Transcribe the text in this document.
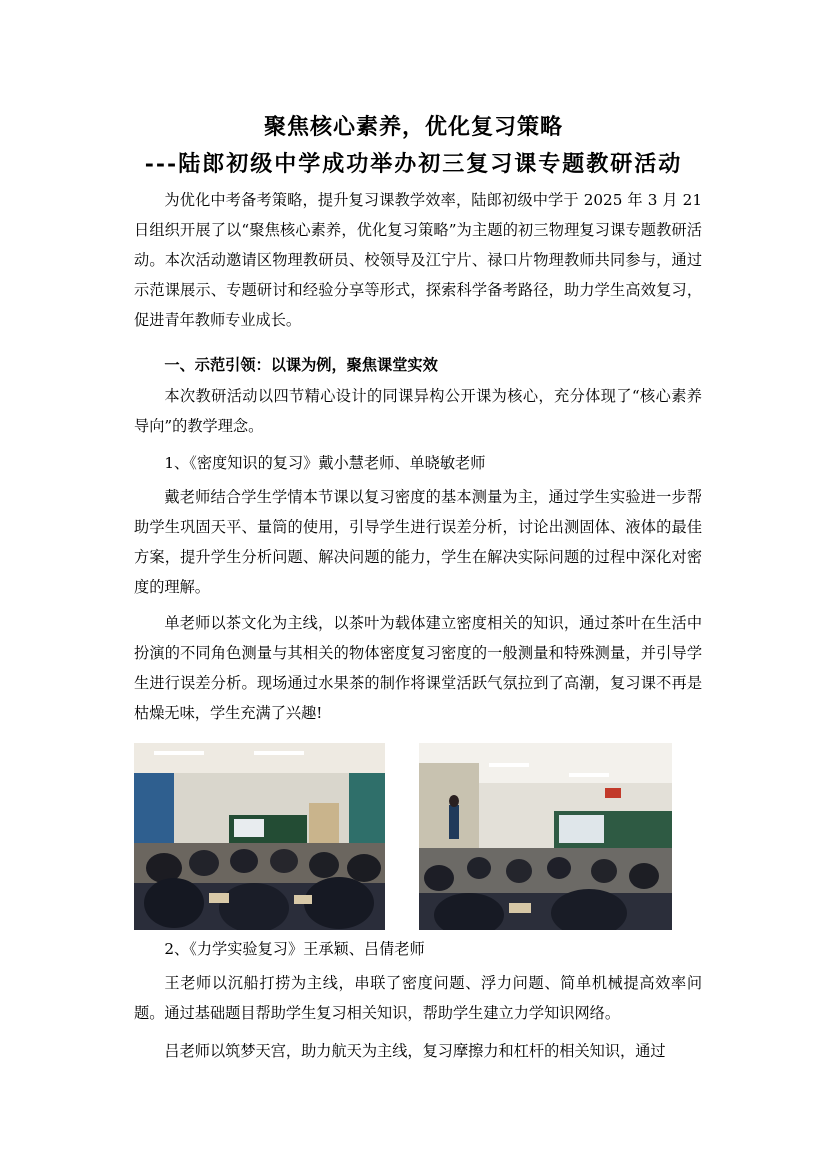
聚焦核心素养，优化复习策略
---陆郎初级中学成功举办初三复习课专题教研活动

为优化中考备考策略，提升复习课教学效率，陆郎初级中学于 2025 年 3 月 21 日组织开展了以“聚焦核心素养，优化复习策略”为主题的初三物理复习课专题教研活动。本次活动邀请区物理教研员、校领导及江宁片、禄口片物理教师共同参与，通过示范课展示、专题研讨和经验分享等形式，探索科学备考路径，助力学生高效复习，促进青年教师专业成长。

一、示范引领：以课为例，聚焦课堂实效

本次教研活动以四节精心设计的同课异构公开课为核心，充分体现了“核心素养导向”的教学理念。

1、《密度知识的复习》戴小慧老师、单晓敏老师

戴老师结合学生学情本节课以复习密度的基本测量为主，通过学生实验进一步帮助学生巩固天平、量筒的使用，引导学生进行误差分析，讨论出测固体、液体的最佳方案，提升学生分析问题、解决问题的能力，学生在解决实际问题的过程中深化对密度的理解。

单老师以茶文化为主线，以茶叶为载体建立密度相关的知识，通过茶叶在生活中扮演的不同角色测量与其相关的物体密度复习密度的一般测量和特殊测量，并引导学生进行误差分析。现场通过水果茶的制作将课堂活跃气氛拉到了高潮，复习课不再是枯燥无味，学生充满了兴趣!

2、《力学实验复习》王承颖、吕倩老师

王老师以沉船打捞为主线，串联了密度问题、浮力问题、简单机械提高效率问题。通过基础题目帮助学生复习相关知识，帮助学生建立力学知识网络。

吕老师以筑梦天宫，助力航天为主线，复习摩擦力和杠杆的相关知识，通过
